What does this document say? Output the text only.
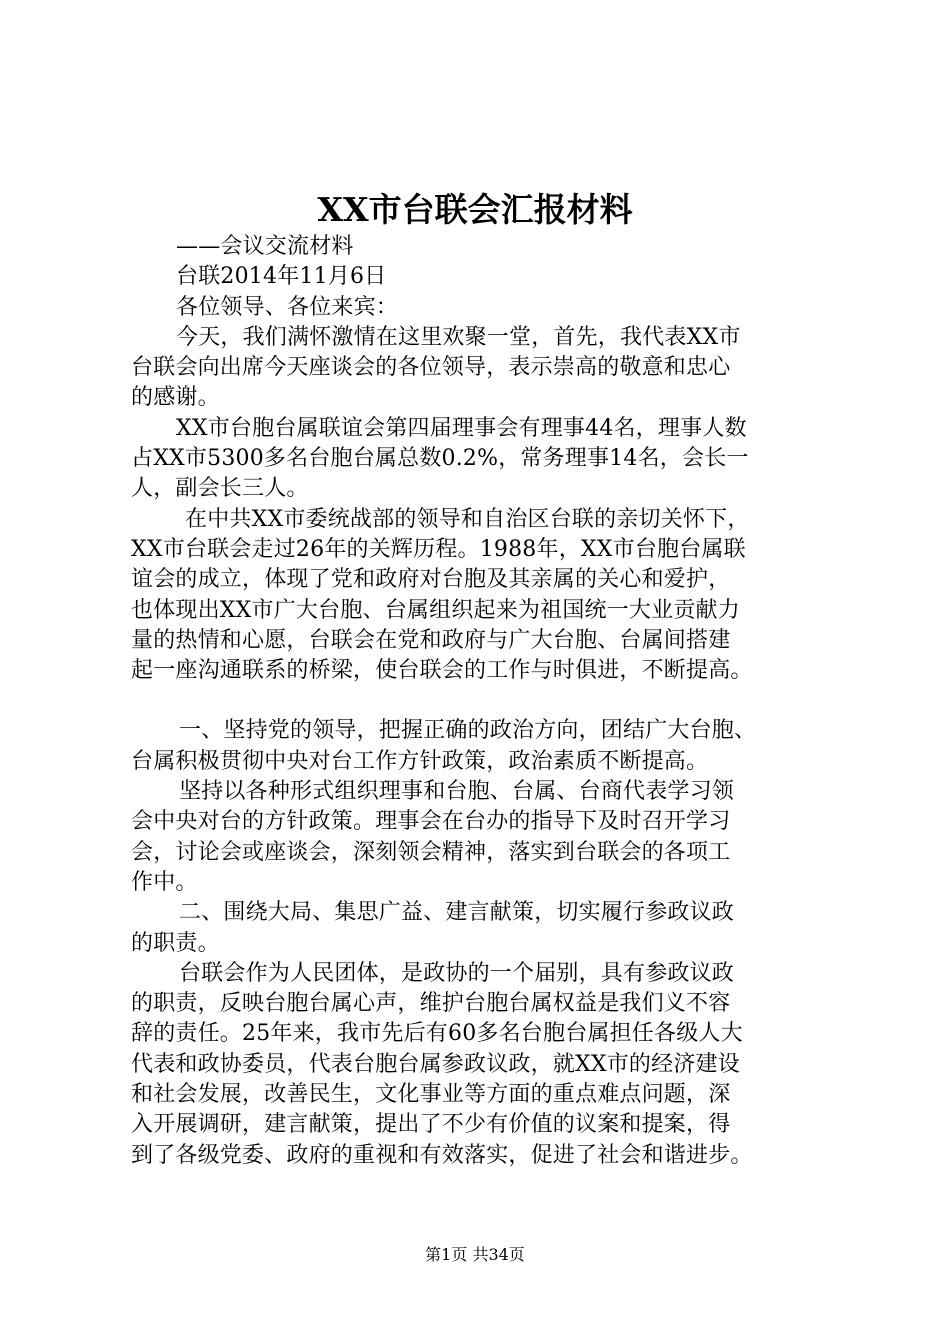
XX市台联会汇报材料
——会议交流材料
台联2014年11月6日
各位领导、各位来宾：
今天，我们满怀激情在这里欢聚一堂，首先，我代表XX市
台联会向出席今天座谈会的各位领导，表示崇高的敬意和忠心
的感谢。
XX市台胞台属联谊会第四届理事会有理事44名，理事人数
占XX市5300多名台胞台属总数0.2%，常务理事14名，会长一
人，副会长三人。
在中共XX市委统战部的领导和自治区台联的亲切关怀下，
XX市台联会走过26年的关辉历程。1988年，XX市台胞台属联
谊会的成立，体现了党和政府对台胞及其亲属的关心和爱护，
也体现出XX市广大台胞、台属组织起来为祖国统一大业贡献力
量的热情和心愿，台联会在党和政府与广大台胞、台属间搭建
起一座沟通联系的桥梁，使台联会的工作与时俱进，不断提高。
一、坚持党的领导，把握正确的政治方向，团结广大台胞、
台属积极贯彻中央对台工作方针政策，政治素质不断提高。
坚持以各种形式组织理事和台胞、台属、台商代表学习领
会中央对台的方针政策。理事会在台办的指导下及时召开学习
会，讨论会或座谈会，深刻领会精神，落实到台联会的各项工
作中。
二、围绕大局、集思广益、建言献策，切实履行参政议政
的职责。
台联会作为人民团体，是政协的一个届别，具有参政议政
的职责，反映台胞台属心声，维护台胞台属权益是我们义不容
辞的责任。25年来，我市先后有60多名台胞台属担任各级人大
代表和政协委员，代表台胞台属参政议政，就XX市的经济建设
和社会发展，改善民生，文化事业等方面的重点难点问题，深
入开展调研，建言献策，提出了不少有价值的议案和提案，得
到了各级党委、政府的重视和有效落实，促进了社会和谐进步。
第1页 共34页
